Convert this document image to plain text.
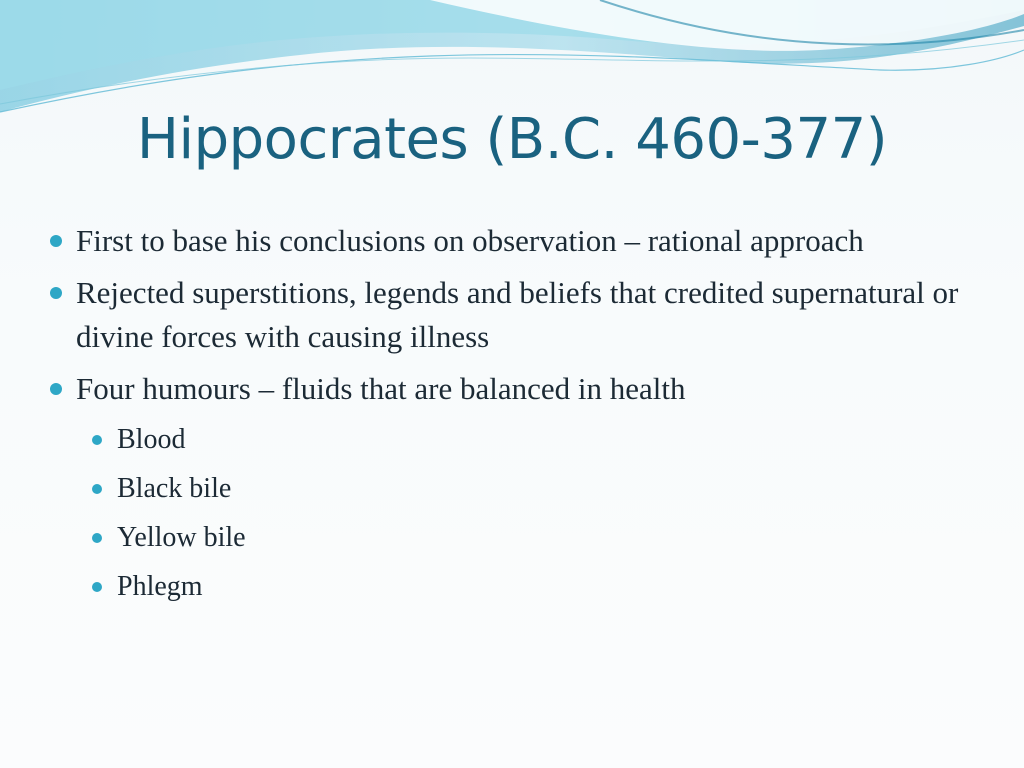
Hippocrates (B.C. 460-377)
First to base his conclusions on observation – rational approach
Rejected superstitions, legends and beliefs that credited supernatural or divine forces with causing illness
Four humours – fluids that are balanced in health
Blood
Black bile
Yellow bile
Phlegm
